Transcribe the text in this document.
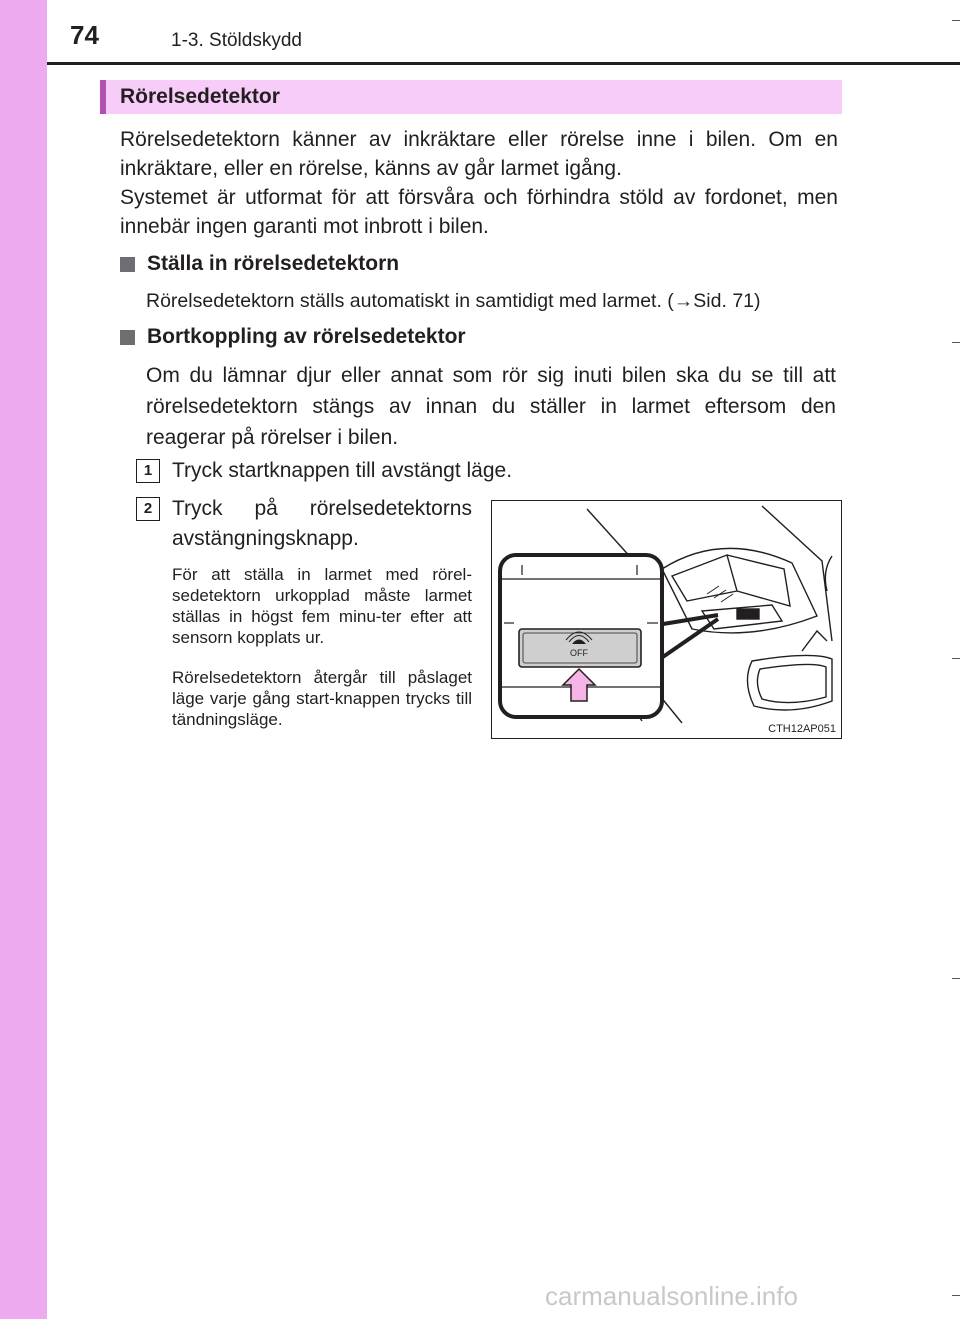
74	1-3. Stöldskydd
Rörelsedetektor
Rörelsedetektorn känner av inkräktare eller rörelse inne i bilen. Om en inkräktare, eller en rörelse, känns av går larmet igång.
Systemet är utformat för att försvåra och förhindra stöld av fordonet, men innebär ingen garanti mot inbrott i bilen.
Ställa in rörelsedetektorn
Rörelsedetektorn ställs automatiskt in samtidigt med larmet. (→Sid. 71)
Bortkoppling av rörelsedetektor
Om du lämnar djur eller annat som rör sig inuti bilen ska du se till att rörelsedetektorn stängs av innan du ställer in larmet eftersom den reagerar på rörelser i bilen.
1 Tryck startknappen till avstängt läge.
2 Tryck på rörelsedetektorns avstängningsknapp.
För att ställa in larmet med rörel-sedetektorn urkopplad måste larmet ställas in högst fem minu-ter efter att sensorn kopplats ur.
Rörelsedetektorn återgår till påslaget läge varje gång start-knappen trycks till tändningsläge.
OFF
CTH12AP051
carmanualsonline.info
